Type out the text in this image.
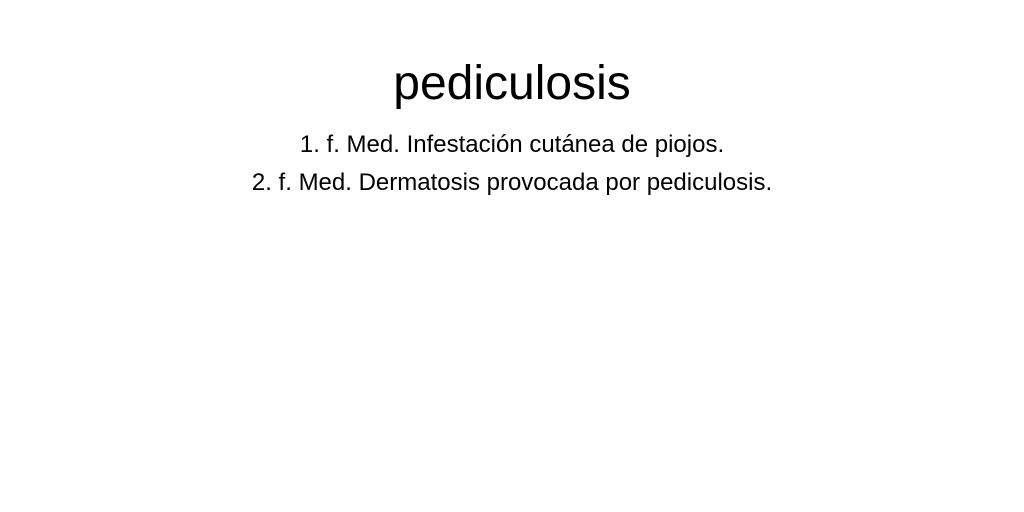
pediculosis
1. f. Med. Infestación cutánea de piojos.
2. f. Med. Dermatosis provocada por pediculosis.
